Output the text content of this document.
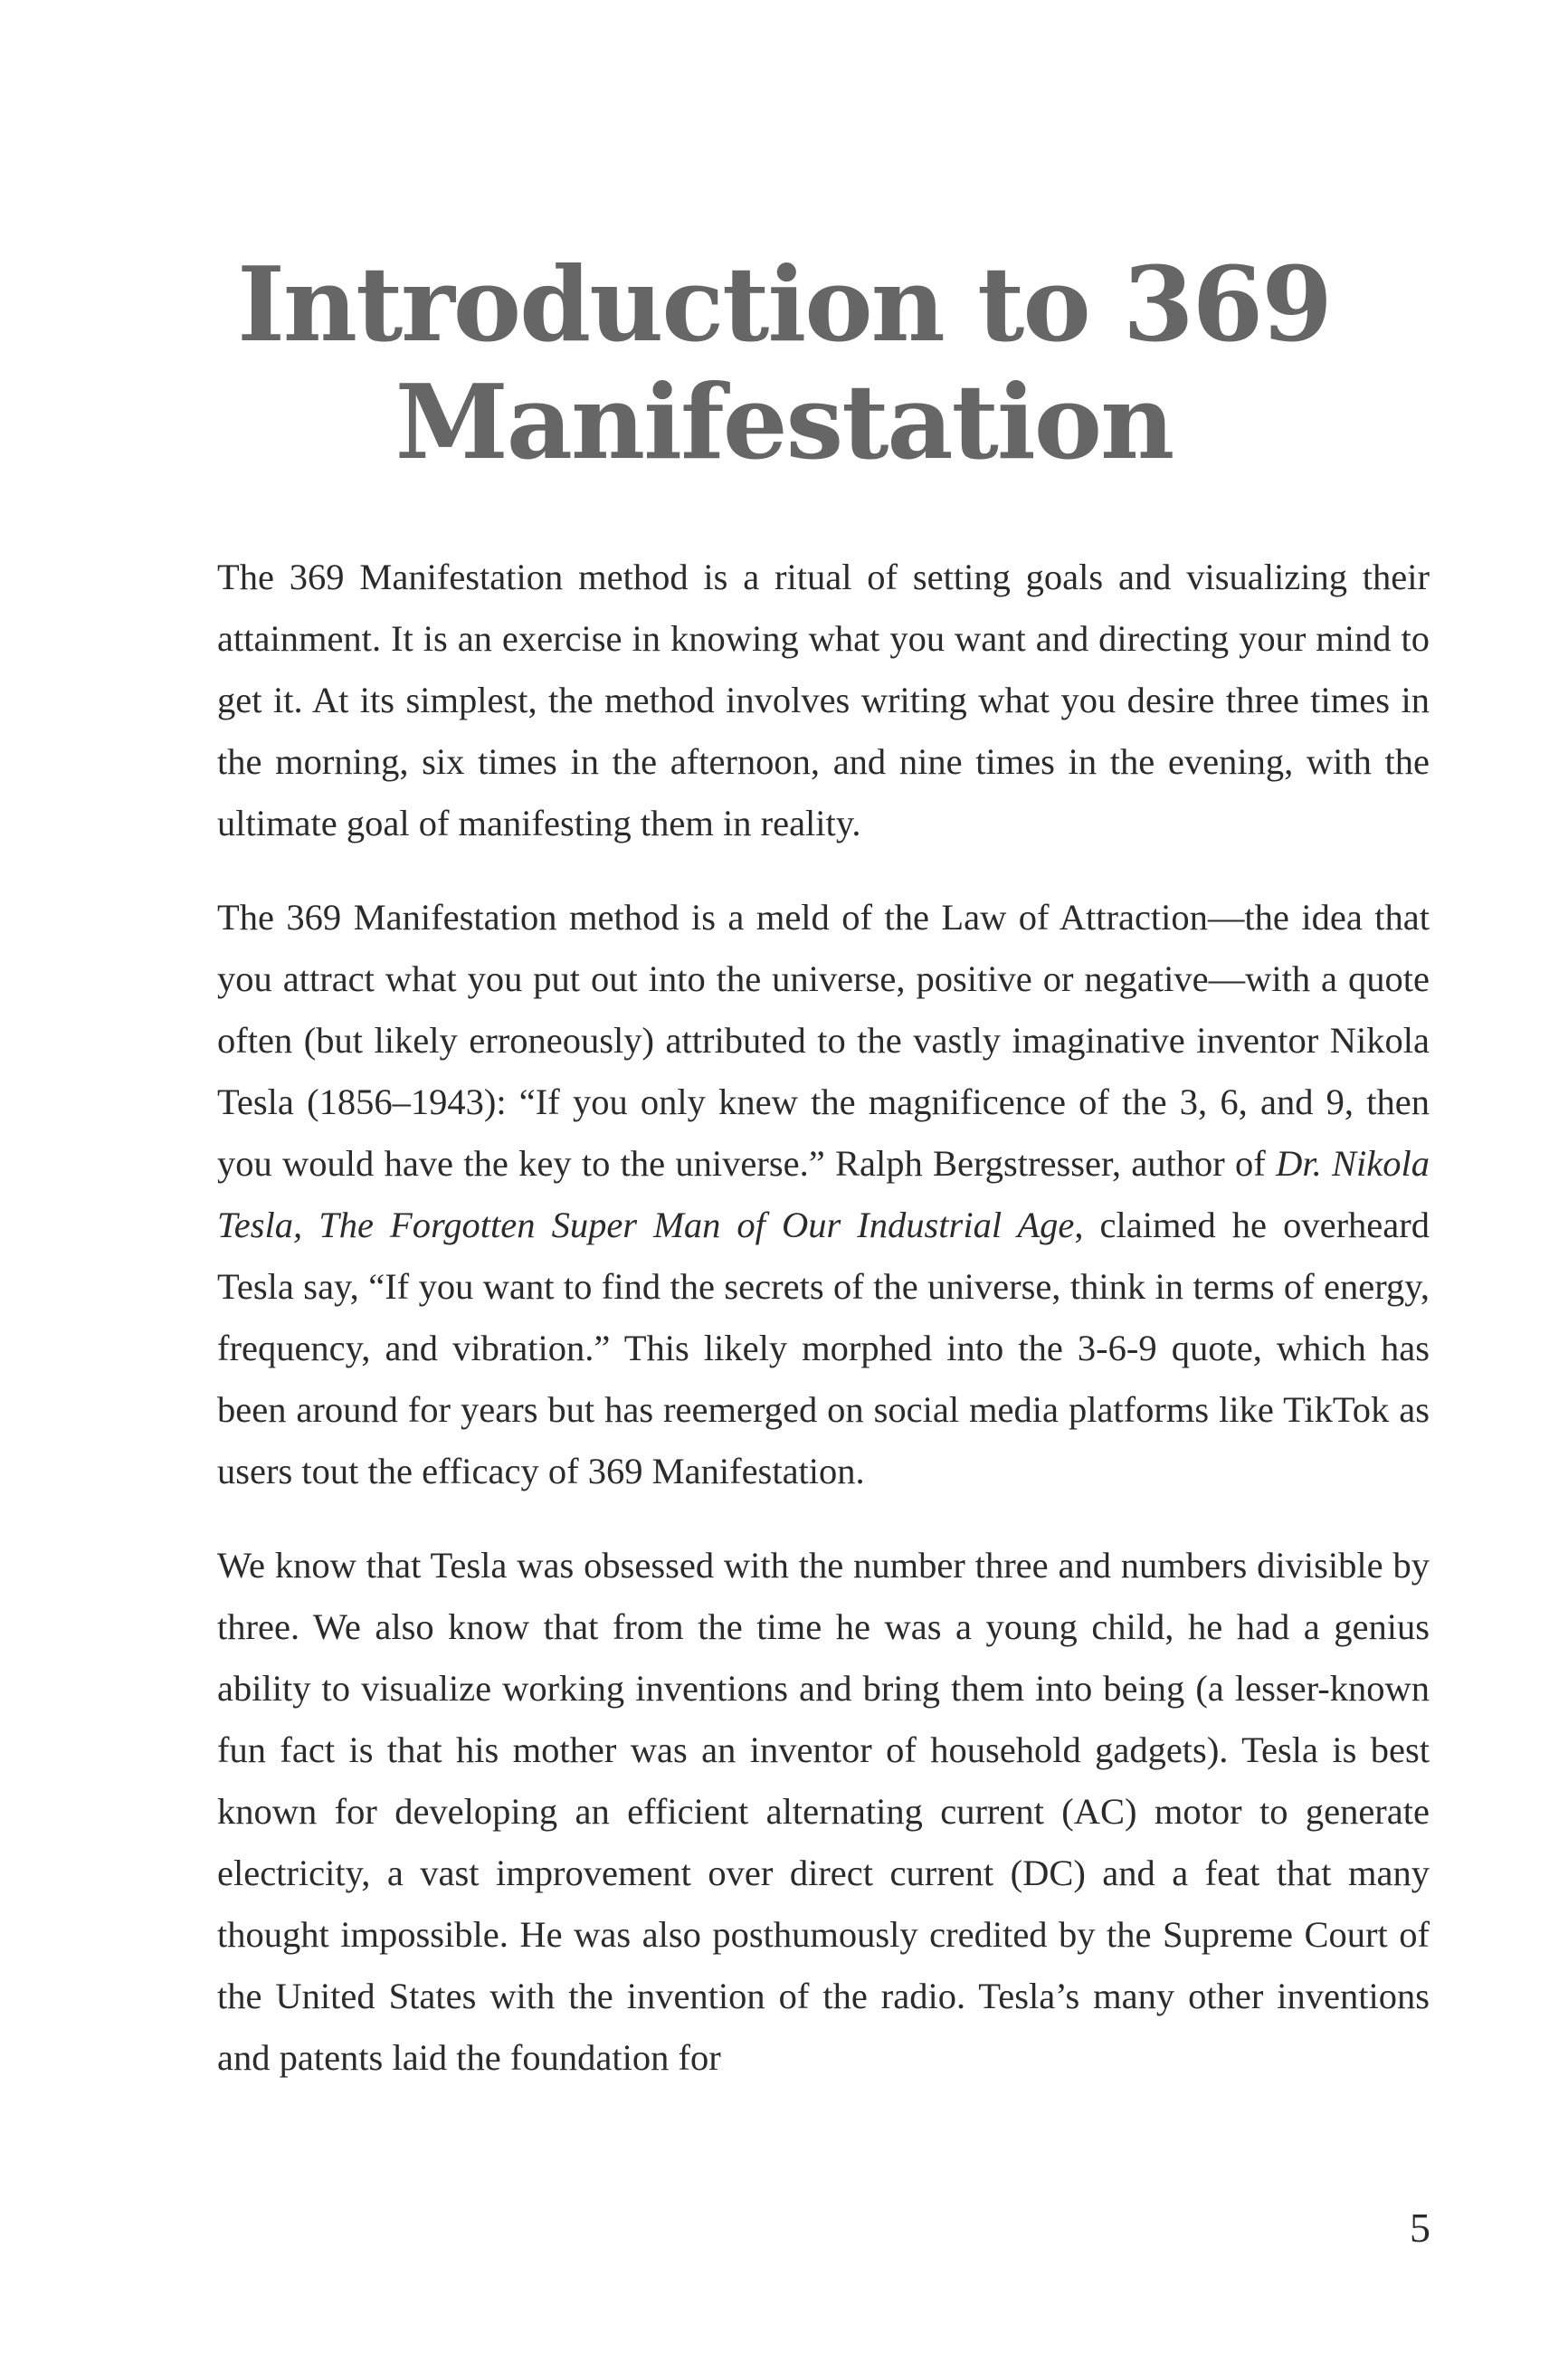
Introduction to 369
Manifestation

The 369 Manifestation method is a ritual of setting goals and visualizing their attainment. It is an exercise in knowing what you want and directing your mind to get it. At its simplest, the method involves writing what you desire three times in the morning, six times in the afternoon, and nine times in the evening, with the ultimate goal of manifesting them in reality.

The 369 Manifestation method is a meld of the Law of Attraction—the idea that you attract what you put out into the universe, positive or negative—with a quote often (but likely erroneously) attributed to the vastly imaginative inventor Nikola Tesla (1856–1943): “If you only knew the magnificence of the 3, 6, and 9, then you would have the key to the universe.” Ralph Bergstresser, author of Dr. Nikola Tesla, The Forgotten Super Man of Our Industrial Age, claimed he overheard Tesla say, “If you want to find the secrets of the universe, think in terms of energy, frequency, and vibration.” This likely morphed into the 3-6-9 quote, which has been around for years but has reemerged on social media platforms like TikTok as users tout the efficacy of 369 Manifestation.

We know that Tesla was obsessed with the number three and numbers divisible by three. We also know that from the time he was a young child, he had a genius ability to visualize working inventions and bring them into being (a lesser-known fun fact is that his mother was an inventor of household gadgets). Tesla is best known for developing an efficient alternating current (AC) motor to generate electricity, a vast improvement over direct current (DC) and a feat that many thought impossible. He was also posthumously credited by the Supreme Court of the United States with the invention of the radio. Tesla’s many other inventions and patents laid the foundation for

5
